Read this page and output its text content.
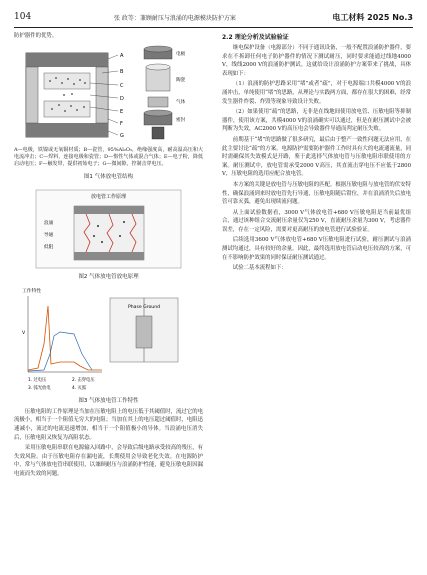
104	张 政等：兼顾耐压与浪涌的电源模块防护方案	电工材料 2025 No.3

防护器件的优势。

A
B
C
D
E
F
G
电极
陶瓷
气体
密封

A—电极，铁镍或无氧铜材质；B—瓷管，95%Al₂O₃，绝缘强度高，耐高温高压和大电流冲击；C—焊料，连接电极和瓷管；D—惰性气体或混合气体；E—电子粉，降低启动电压；F—触发带，提供初始电子；G—微间隙，控制击穿电压。

图1 气体放电管结构

放电管工作原理
浪涌
导通
低阻

图2 气体放电管放电原理

工作特性
V
Phase Ground
1. 过电压	2. 击穿电压
3. 弧光放电	4. 灭弧

图3 气体放电管工作特性

压敏电阻的工作原理是当加在压敏电阻上的电压低于其阈值时，流过它的电流极小，相当于一个阻值无穷大的电阻；当加在其上的电压超过阈值时，电阻迅速减小，流过的电流迅速增加，相当于一个阻值极小的导体。当浪涌电压消失后，压敏电阻又恢复为高阻状态。

采用压敏电阻串联在电源输入回路中，会导致后级电路承受较高的残压，有失效风险。由于压敏电阻存在漏电流，长期使用会导致老化失效。在电源防护中，常与气体放电管串联使用，以兼顾耐压与浪涌防护性能，避免压敏电阻因漏电流而失效的问题。

2.2 理论分析及试验验证

继电保护设备（电源部分）不同于通讯设备，一般不配置浪涌防护器件，要求在不拆卸任何电子防护器件的情况下测试耐压，同时要求能通过线地4000 V，线线2000 V的浪涌防护测试。这就给设计浪涌防护方案带来了挑战，具体表现如下：

（1）浪涌的防护思路采用“堵”或者“疏”，对于电源端口共模4000 V的浪涌冲击，单纯使用“堵”的思路，从理论与实践两方面，都存在很大的困难，经常发生器件炸裂、炸毁等现象导致设计失败。

（2）如果使用“疏”的思路，无非是在线地间使用放电管、压敏电阻等抑制器件，使用该方案，共模4000 V的浪涌确实可以通过，但是在耐压测试中会被判断为失效，AC2000 V的高压电会导致器件导通而判定耐压失败。

前期基于“堵”的思路做了很多研究，最后由于整产一致性问题无法应用，在此主要讨论“疏”的方案。电源防护需要防护器件工作时具有大的电流通流量，同时需确保其失效模式是开路，鉴于此选择气体放电管与压敏电阻串联使用的方案。耐压测试中，放电管需承受2000 V高压，其直流击穿电压不应低于2800 V，压敏电阻的选用应配合放电管。

本方案的关键是放电管与压敏电阻的匹配。根据压敏电阻与放电管的伏安特性，确保浪涌到来时放电管先行导通，压敏电阻随后钳位，并在浪涌消失后放电管可靠灭弧，避免出现续流问题。

从上面试验数据看，3000 V气体放电管+680 V压敏电阻是当前最优组合，通过该种组合交流耐压余量仅为250 V，直流耐压余量为300 V，考虑器件误差，存在一定风险，需要对更高耐压的放电管进行试验验证。

后续选用3600 V气体放电管+680 V压敏电阻进行试验，耐压测试与浪涌测试均通过，具有较好的余量。因此，最终选用放电管启动电压较高的方案，可在不影响防护效果的同时保证耐压测试通过。

试验二基本流程如下：
